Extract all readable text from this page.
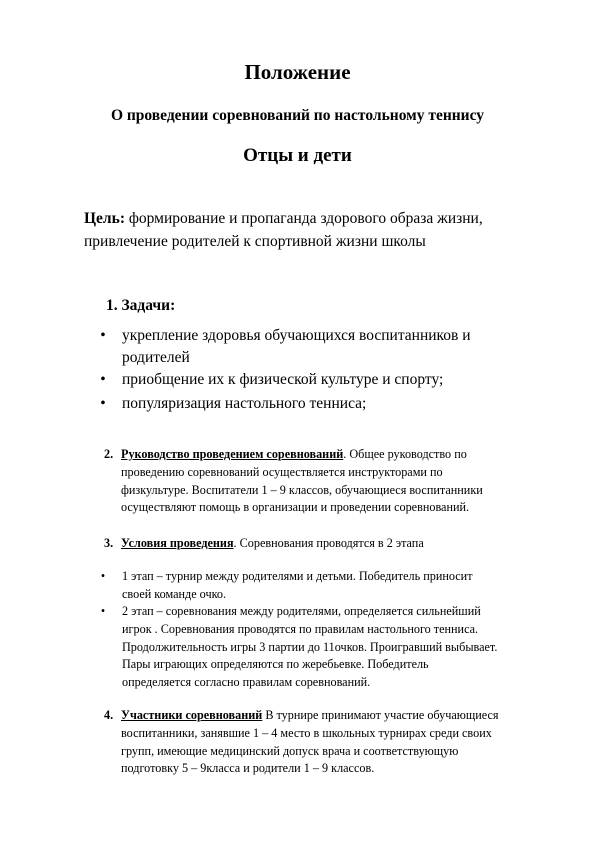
Положение

О проведении соревнований по настольному теннису

Отцы и дети

Цель: формирование и пропаганда здорового образа жизни,
привлечение родителей к спортивной жизни школы

1. Задачи:

• укрепление здоровья обучающихся воспитанников и
родителей
• приобщение их к физической культуре и спорту;
• популяризация настольного тенниса;
2. Руководство проведением соревнований. Общее руководство по
проведению соревнований осуществляется инструкторами по
физкультуре. Воспитатели 1 – 9 классов, обучающиеся воспитанники
осуществляют помощь в организации и проведении соревнований.
3. Условия проведения. Соревнования проводятся в 2 этапа
• 1 этап – турнир между родителями и детьми. Победитель приносит
своей команде очко.
• 2 этап – соревнования между родителями, определяется сильнейший
игрок . Соревнования проводятся по правилам настольного тенниса.
Продолжительность игры 3 партии до 11очков. Проигравший выбывает.
Пары играющих определяются по жеребьевке. Победитель
определяется согласно правилам соревнований.
4. Участники соревнований В турнире принимают участие обучающиеся
воспитанники, занявшие 1 – 4 место в школьных турнирах среди своих
групп, имеющие медицинский допуск врача и соответствующую
подготовку 5 – 9класса и родители 1 – 9 классов.
